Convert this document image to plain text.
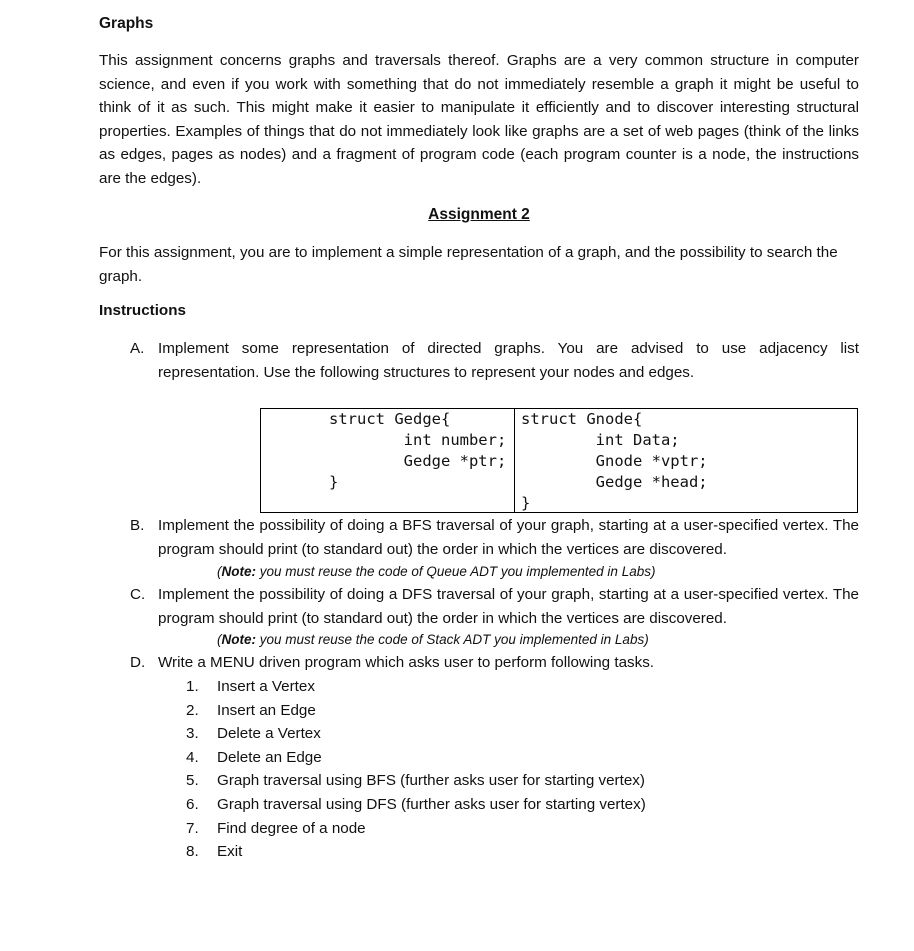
Graphs

This assignment concerns graphs and traversals thereof. Graphs are a very common structure in computer science, and even if you work with something that do not immediately resemble a graph it might be useful to think of it as such. This might make it easier to manipulate it efficiently and to discover interesting structural properties. Examples of things that do not immediately look like graphs are a set of web pages (think of the links as edges, pages as nodes) and a fragment of program code (each program counter is a node, the instructions are the edges).

Assignment 2

For this assignment, you are to implement a simple representation of a graph, and the possibility to search the graph.

Instructions
A. Implement some representation of directed graphs. You are advised to use adjacency list representation. Use the following structures to represent your nodes and edges.
struct Gedge{
int number;
Gedge *ptr;
}
struct Gnode{
int Data;
Gnode *vptr;
Gedge *head;
}
B. Implement the possibility of doing a BFS traversal of your graph, starting at a user-specified vertex. The program should print (to standard out) the order in which the vertices are discovered.
(Note: you must reuse the code of Queue ADT you implemented in Labs)
C. Implement the possibility of doing a DFS traversal of your graph, starting at a user-specified vertex. The program should print (to standard out) the order in which the vertices are discovered.
(Note: you must reuse the code of Stack ADT you implemented in Labs)
D. Write a MENU driven program which asks user to perform following tasks.
1. Insert a Vertex
2. Insert an Edge
3. Delete a Vertex
4. Delete an Edge
5. Graph traversal using BFS (further asks user for starting vertex)
6. Graph traversal using DFS (further asks user for starting vertex)
7. Find degree of a node
8. Exit
